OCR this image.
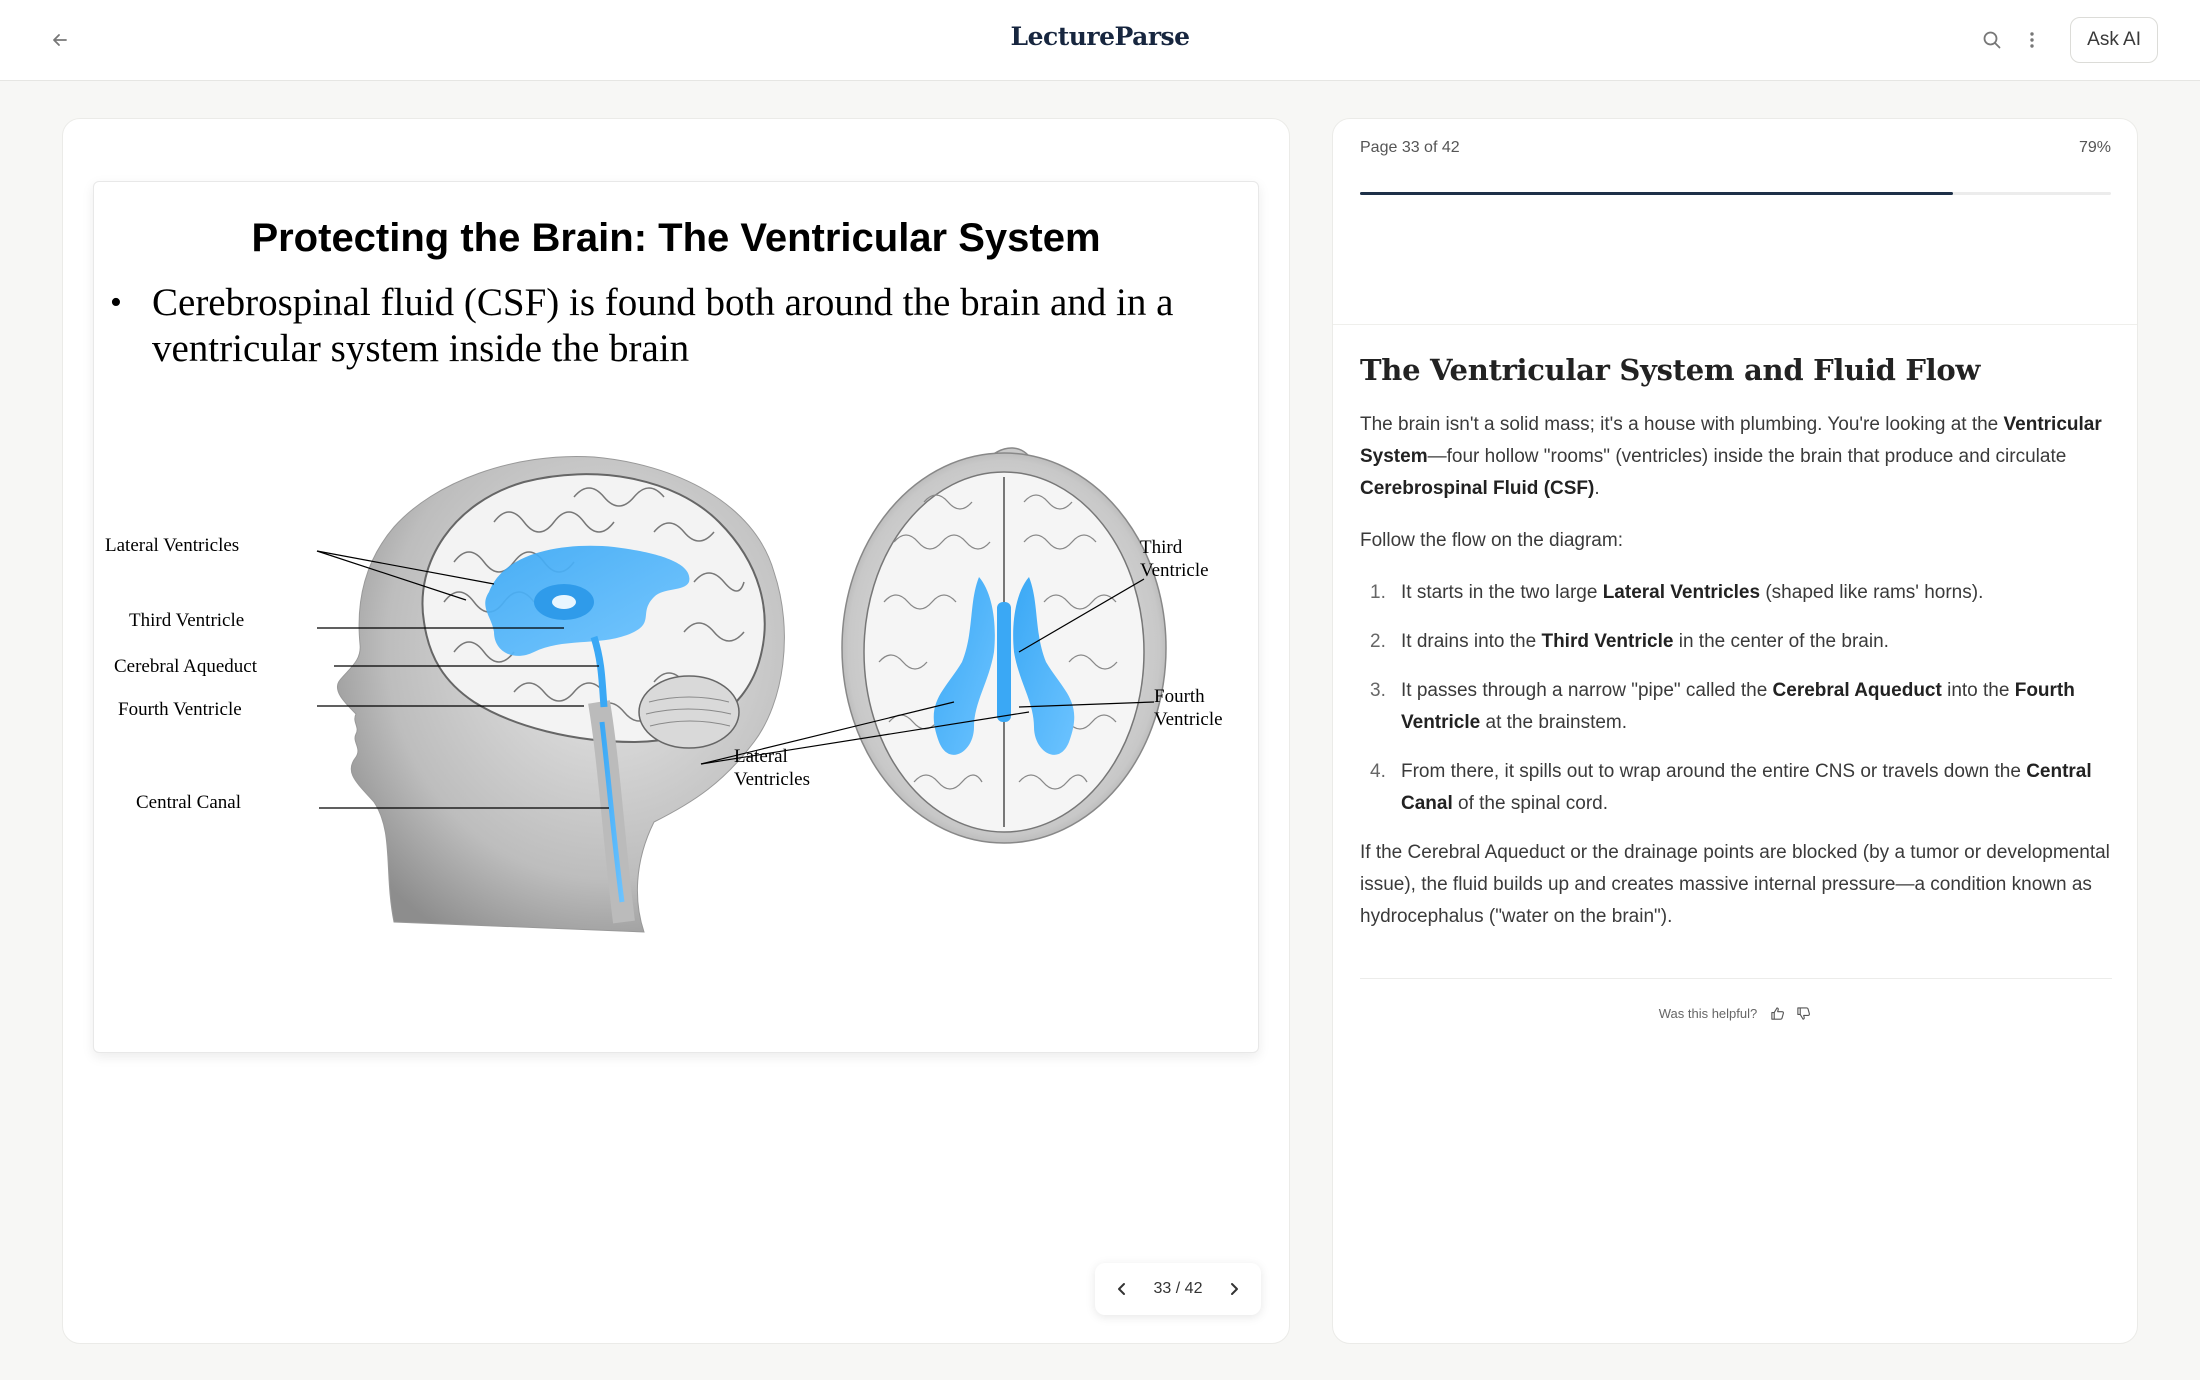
LectureParse	Ask AI
Protecting the Brain: The Ventricular System
• Cerebrospinal fluid (CSF) is found both around the brain and in a
ventricular system inside the brain
Lateral Ventricles
Third Ventricle
Cerebral Aqueduct
Fourth Ventricle
Central Canal
Lateral
Ventricles
Third
Ventricle
Fourth
Ventricle
33 / 42
Page 33 of 42	79%
The Ventricular System and Fluid Flow

The brain isn't a solid mass; it's a house with plumbing. You're looking at the Ventricular System—four hollow "rooms" (ventricles) inside the brain that produce and circulate Cerebrospinal Fluid (CSF).

Follow the flow on the diagram:

1. It starts in the two large Lateral Ventricles (shaped like rams' horns).
2. It drains into the Third Ventricle in the center of the brain.
3. It passes through a narrow "pipe" called the Cerebral Aqueduct into the Fourth Ventricle at the brainstem.
4. From there, it spills out to wrap around the entire CNS or travels down the Central Canal of the spinal cord.

If the Cerebral Aqueduct or the drainage points are blocked (by a tumor or developmental issue), the fluid builds up and creates massive internal pressure—a condition known as hydrocephalus ("water on the brain").

Was this helpful?
